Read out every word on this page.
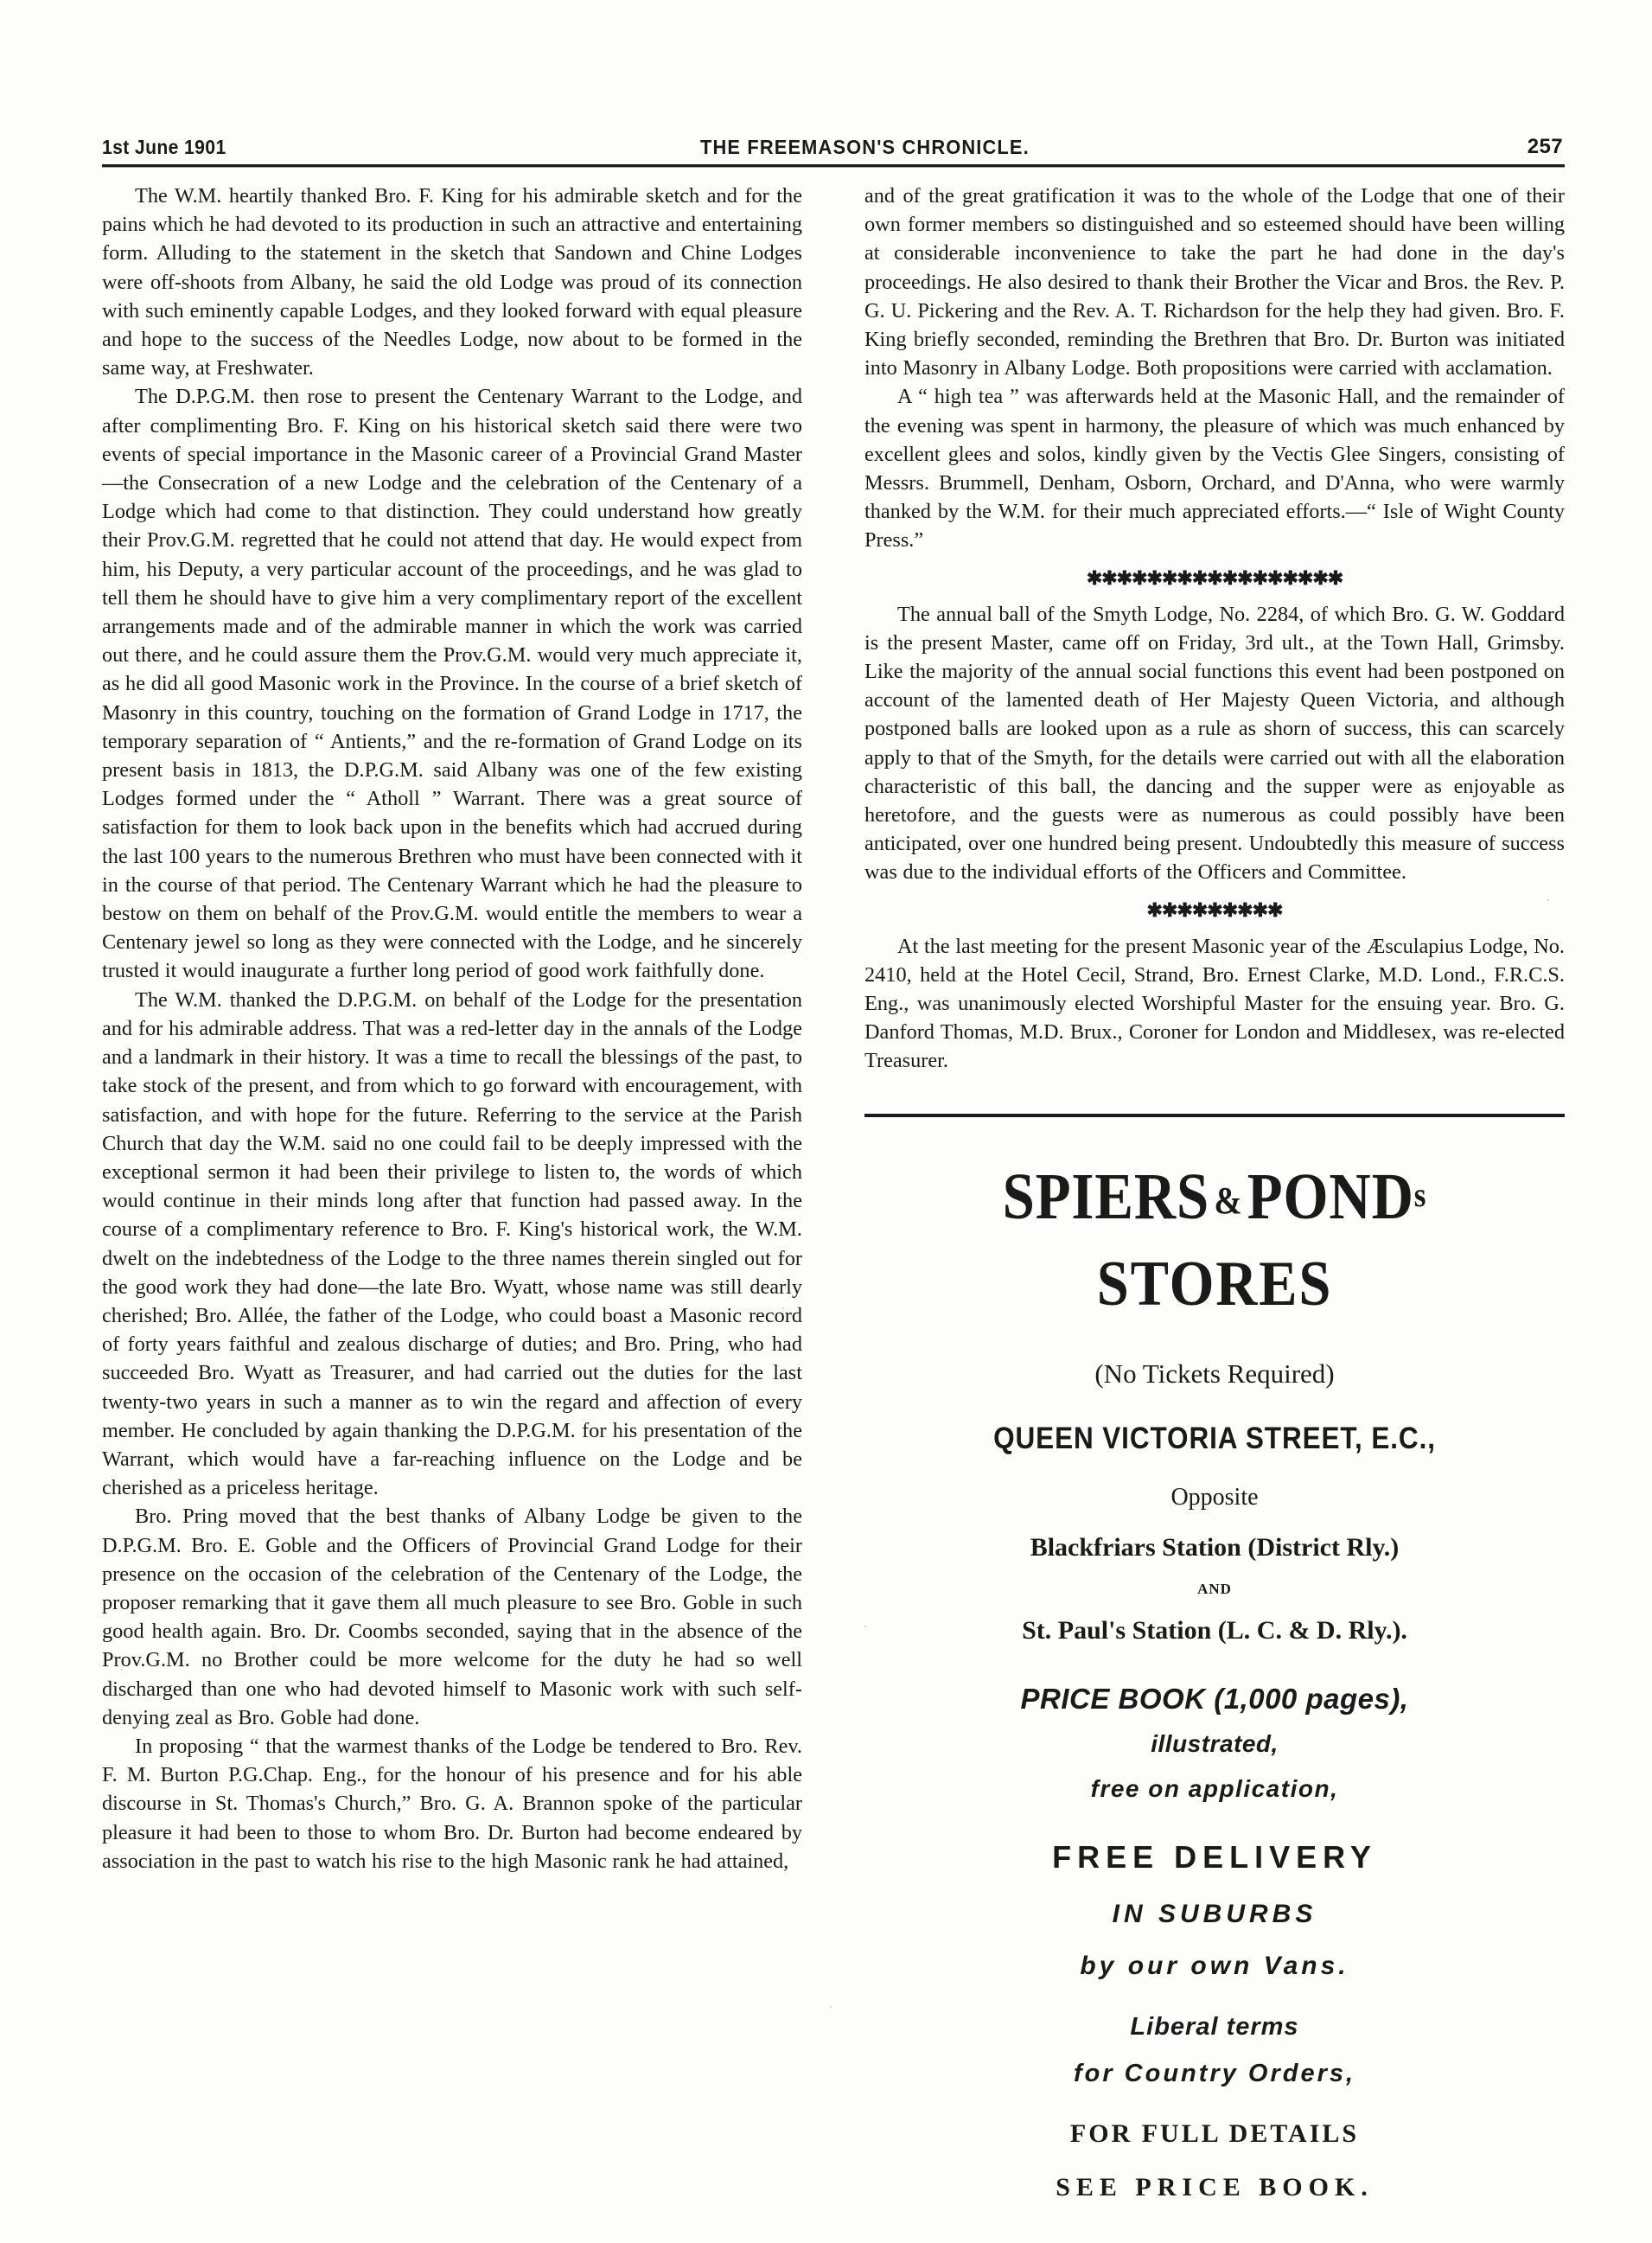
1st June 1901	THE FREEMASON'S CHRONICLE.	257

The W.M. heartily thanked Bro. F. King for his admirable sketch and for the pains which he had devoted to its production in such an attractive and entertaining form. Alluding to the statement in the sketch that Sandown and Chine Lodges were off-shoots from Albany, he said the old Lodge was proud of its connection with such eminently capable Lodges, and they looked forward with equal pleasure and hope to the success of the Needles Lodge, now about to be formed in the same way, at Freshwater.

The D.P.G.M. then rose to present the Centenary Warrant to the Lodge, and after complimenting Bro. F. King on his historical sketch said there were two events of special importance in the Masonic career of a Provincial Grand Master—the Consecration of a new Lodge and the celebration of the Centenary of a Lodge which had come to that distinction. They could understand how greatly their Prov.G.M. regretted that he could not attend that day. He would expect from him, his Deputy, a very particular account of the proceedings, and he was glad to tell them he should have to give him a very complimentary report of the excellent arrangements made and of the admirable manner in which the work was carried out there, and he could assure them the Prov.G.M. would very much appreciate it, as he did all good Masonic work in the Province. In the course of a brief sketch of Masonry in this country, touching on the formation of Grand Lodge in 1717, the temporary separation of “ Antients,” and the re-formation of Grand Lodge on its present basis in 1813, the D.P.G.M. said Albany was one of the few existing Lodges formed under the “ Atholl ” Warrant. There was a great source of satisfaction for them to look back upon in the benefits which had accrued during the last 100 years to the numerous Brethren who must have been connected with it in the course of that period. The Centenary Warrant which he had the pleasure to bestow on them on behalf of the Prov.G.M. would entitle the members to wear a Centenary jewel so long as they were connected with the Lodge, and he sincerely trusted it would inaugurate a further long period of good work faithfully done.

The W.M. thanked the D.P.G.M. on behalf of the Lodge for the presentation and for his admirable address. That was a red-letter day in the annals of the Lodge and a landmark in their history. It was a time to recall the blessings of the past, to take stock of the present, and from which to go forward with encouragement, with satisfaction, and with hope for the future. Referring to the service at the Parish Church that day the W.M. said no one could fail to be deeply impressed with the exceptional sermon it had been their privilege to listen to, the words of which would continue in their minds long after that function had passed away. In the course of a complimentary reference to Bro. F. King's historical work, the W.M. dwelt on the indebtedness of the Lodge to the three names therein singled out for the good work they had done—the late Bro. Wyatt, whose name was still dearly cherished; Bro. Allée, the father of the Lodge, who could boast a Masonic record of forty years faithful and zealous discharge of duties; and Bro. Pring, who had succeeded Bro. Wyatt as Treasurer, and had carried out the duties for the last twenty-two years in such a manner as to win the regard and affection of every member. He concluded by again thanking the D.P.G.M. for his presentation of the Warrant, which would have a far-reaching influence on the Lodge and be cherished as a priceless heritage.

Bro. Pring moved that the best thanks of Albany Lodge be given to the D.P.G.M. Bro. E. Goble and the Officers of Provincial Grand Lodge for their presence on the occasion of the celebration of the Centenary of the Lodge, the proposer remarking that it gave them all much pleasure to see Bro. Goble in such good health again. Bro. Dr. Coombs seconded, saying that in the absence of the Prov.G.M. no Brother could be more welcome for the duty he had so well discharged than one who had devoted himself to Masonic work with such self-denying zeal as Bro. Goble had done.

In proposing “ that the warmest thanks of the Lodge be tendered to Bro. Rev. F. M. Burton P.G.Chap. Eng., for the honour of his presence and for his able discourse in St. Thomas's Church,” Bro. G. A. Brannon spoke of the particular pleasure it had been to those to whom Bro. Dr. Burton had become endeared by association in the past to watch his rise to the high Masonic rank he had attained,

and of the great gratification it was to the whole of the Lodge that one of their own former members so distinguished and so esteemed should have been willing at considerable inconvenience to take the part he had done in the day's proceedings. He also desired to thank their Brother the Vicar and Bros. the Rev. P. G. U. Pickering and the Rev. A. T. Richardson for the help they had given. Bro. F. King briefly seconded, reminding the Brethren that Bro. Dr. Burton was initiated into Masonry in Albany Lodge. Both propositions were carried with acclamation.

A “ high tea ” was afterwards held at the Masonic Hall, and the remainder of the evening was spent in harmony, the pleasure of which was much enhanced by excellent glees and solos, kindly given by the Vectis Glee Singers, consisting of Messrs. Brummell, Denham, Osborn, Orchard, and D'Anna, who were warmly thanked by the W.M. for their much appreciated efforts.—“ Isle of Wight County Press.”

✱✱✱✱✱✱✱✱✱✱✱✱✱✱✱✱✱

The annual ball of the Smyth Lodge, No. 2284, of which Bro. G. W. Goddard is the present Master, came off on Friday, 3rd ult., at the Town Hall, Grimsby. Like the majority of the annual social functions this event had been postponed on account of the lamented death of Her Majesty Queen Victoria, and although postponed balls are looked upon as a rule as shorn of success, this can scarcely apply to that of the Smyth, for the details were carried out with all the elaboration characteristic of this ball, the dancing and the supper were as enjoyable as heretofore, and the guests were as numerous as could possibly have been anticipated, over one hundred being present. Undoubtedly this measure of success was due to the individual efforts of the Officers and Committee.

✱✱✱✱✱✱✱✱✱

At the last meeting for the present Masonic year of the Æsculapius Lodge, No. 2410, held at the Hotel Cecil, Strand, Bro. Ernest Clarke, M.D. Lond., F.R.C.S. Eng., was unanimously elected Worshipful Master for the ensuing year. Bro. G. Danford Thomas, M.D. Brux., Coroner for London and Middlesex, was re-elected Treasurer.

SPIERS &PONDs
STORES
(No Tickets Required)
QUEEN VICTORIA STREET, E.C.,
Opposite
Blackfriars Station (District Rly.)
AND
St. Paul's Station (L. C. & D. Rly.).
PRICE BOOK (1,000 pages),
illustrated,
free on application,
FREE DELIVERY
IN SUBURBS
by our own Vans.
Liberal terms
for Country Orders,
FOR FULL DETAILS
SEE PRICE BOOK.
